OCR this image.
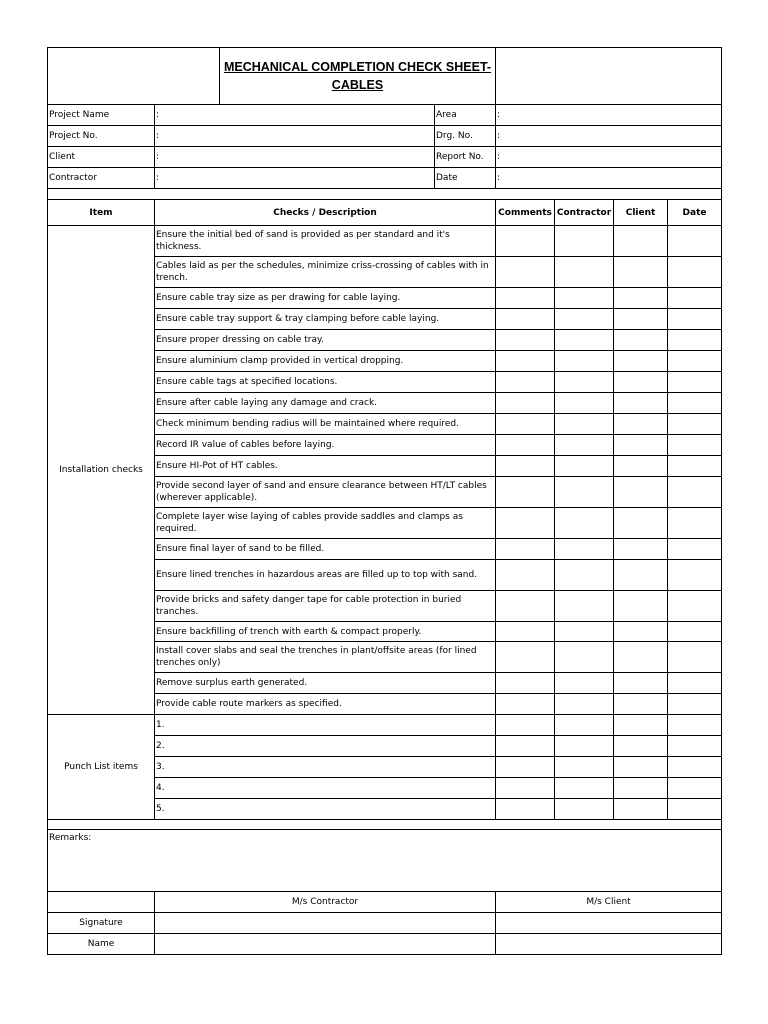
		MECHANICAL COMPLETION CHECK SHEET-
CABLES					

Project Name	:		Area	:			
Project No.	:		Drg. No.	:			
Client	:		Report No.	:			
Contractor	:		Date	:			

Item	Checks / Description			Comments	Contractor	Client	Date
Installation checks	Ensure the initial bed of sand is provided as per standard and it's thickness.						
	Cables laid as per the schedules, minimize criss-crossing of cables with in trench.						
	Ensure cable tray size as per drawing for cable laying.						
	Ensure cable tray support & tray clamping before cable laying.						
	Ensure proper dressing on cable tray.						
	Ensure aluminium clamp provided in vertical dropping.						
	Ensure cable tags at specified locations.						
	Ensure after cable laying any damage and crack.						
	Check minimum bending radius will be maintained where required.						
	Record IR value of cables before laying.						
	Ensure HI-Pot of HT cables.						
	Provide second layer of sand and ensure clearance between HT/LT cables (wherever applicable).						
	Complete layer wise laying of cables provide saddles and clamps as required.						
	Ensure final layer of sand to be filled.						
	Ensure lined trenches in hazardous areas are filled up to top with sand.						
	Provide bricks and safety danger tape for cable protection in buried tranches.						
	Ensure backfilling of trench with earth & compact properly.						
	Install cover slabs and seal the trenches in plant/offsite areas (for lined trenches only)						
	Remove surplus earth generated.						
	Provide cable route markers as specified.						
Punch List items	1.						
	2.						
	3.						
	4.						
	5.						

Remarks:							
	M/s Contractor			M/s Client			
Signature							
Name							
